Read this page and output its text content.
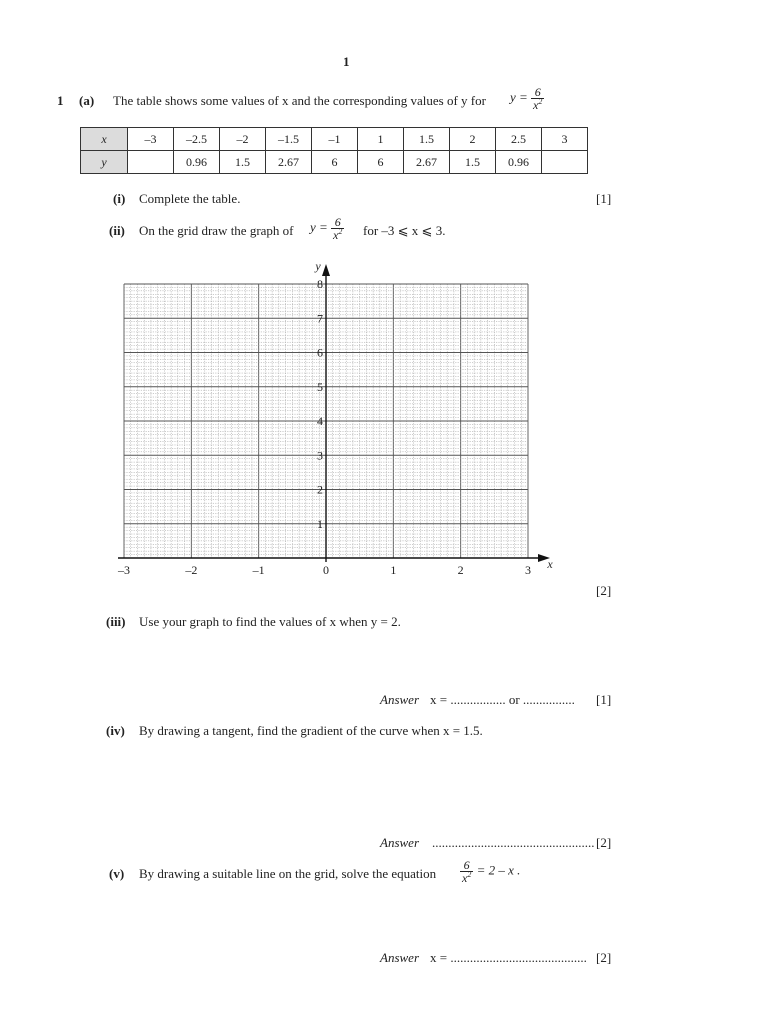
1
1 (a) The table shows some values of x and the corresponding values of y for $y = \frac{6}{x^2}$
x	–3	–2.5	–2	–1.5	–1	1	1.5	2	2.5	3
y		0.96	1.5	2.67	6	6	2.67	1.5	0.96	
(i) Complete the table.	[1]
(ii) On the grid draw the graph of $y = \frac{6}{x^2}$ for –3 ⩽ x ⩽ 3.
x
y
–3	–2	–1	0	1	2	3
1
2
3
4
5
6
7
8
[2]
(iii) Use your graph to find the values of x when y = 2.
Answer x = ................. or ................ [1]
(iv) By drawing a tangent, find the gradient of the curve when x = 1.5.
Answer .................................................. [2]
(v) By drawing a suitable line on the grid, solve the equation $\frac{6}{x^2} = 2 - x$ .
Answer x = .......................................... [2]
